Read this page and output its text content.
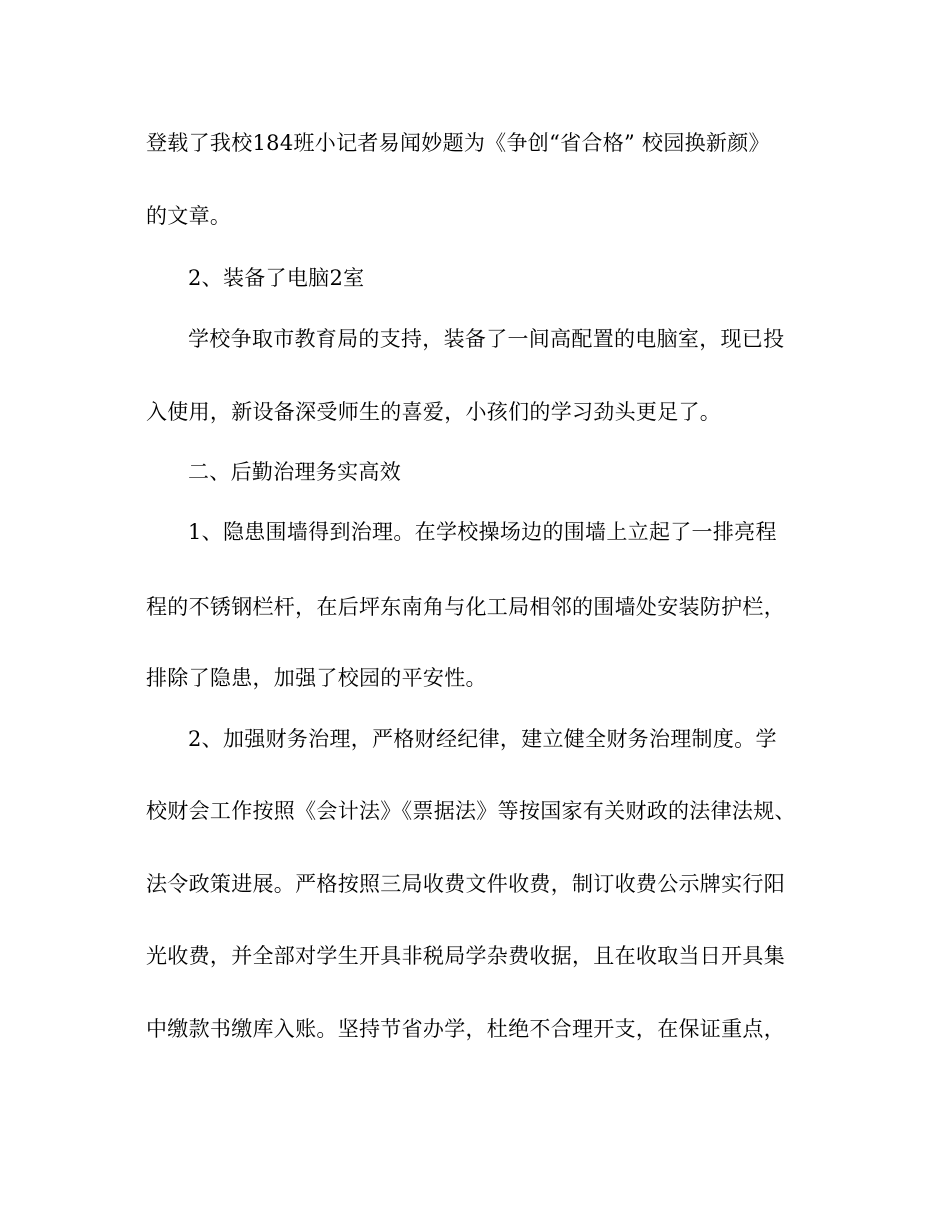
登载了我校184班小记者易闻妙题为《争创“省合格” 校园换新颜》
的文章。
2、装备了电脑2室
学校争取市教育局的支持，装备了一间高配置的电脑室，现已投
入使用，新设备深受师生的喜爱，小孩们的学习劲头更足了。
二、后勤治理务实高效
1、隐患围墙得到治理。在学校操场边的围墙上立起了一排亮程
程的不锈钢栏杆，在后坪东南角与化工局相邻的围墙处安装防护栏，
排除了隐患，加强了校园的平安性。
2、加强财务治理，严格财经纪律，建立健全财务治理制度。学
校财会工作按照《会计法》《票据法》等按国家有关财政的法律法规、
法令政策进展。严格按照三局收费文件收费，制订收费公示牌实行阳
光收费，并全部对学生开具非税局学杂费收据，且在收取当日开具集
中缴款书缴库入账。坚持节省办学，杜绝不合理开支，在保证重点，
